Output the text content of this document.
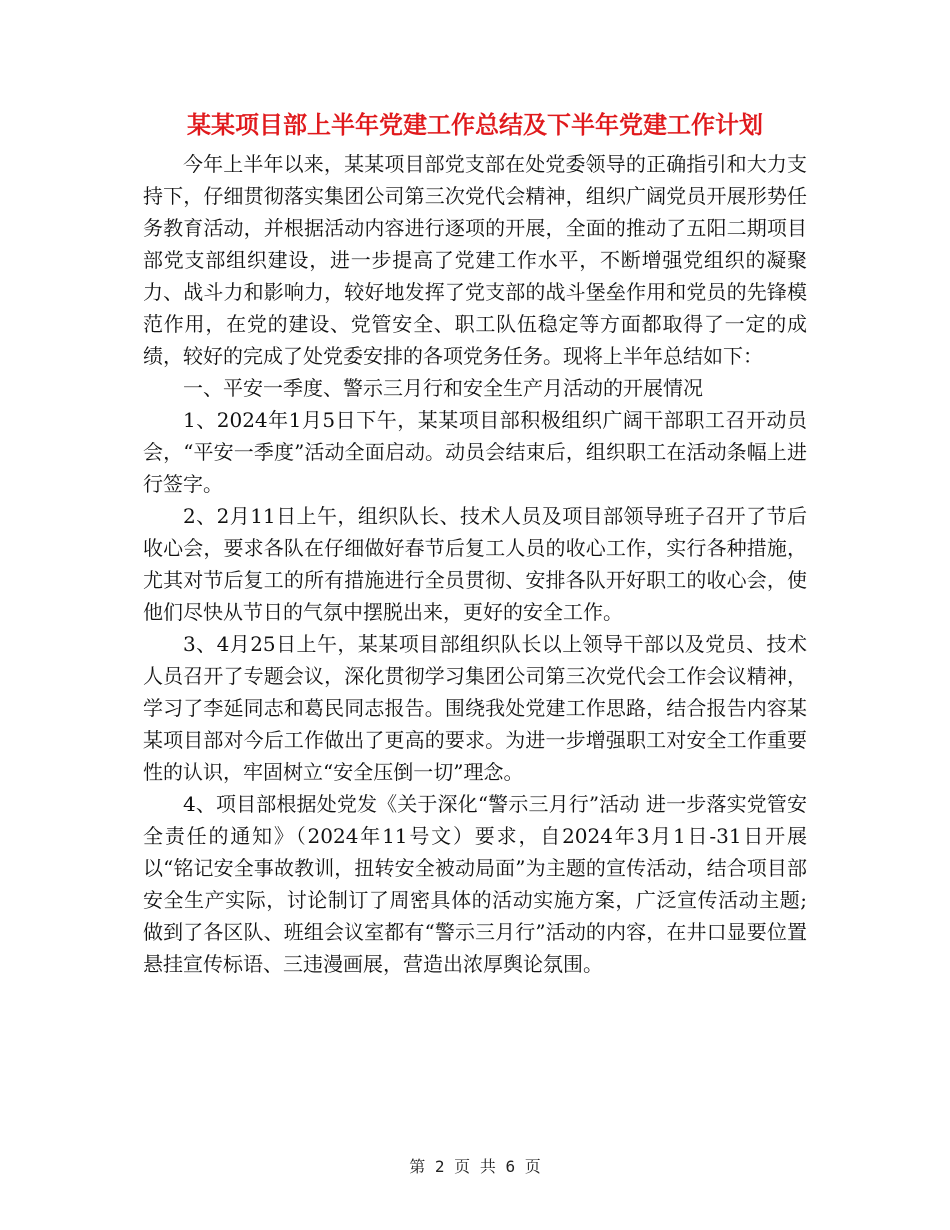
某某项目部上半年党建工作总结及下半年党建工作计划

今年上半年以来，某某项目部党支部在处党委领导的正确指引和大力支持下，仔细贯彻落实集团公司第三次党代会精神，组织广阔党员开展形势任务教育活动，并根据活动内容进行逐项的开展，全面的推动了五阳二期项目部党支部组织建设，进一步提高了党建工作水平，不断增强党组织的凝聚力、战斗力和影响力，较好地发挥了党支部的战斗堡垒作用和党员的先锋模范作用，在党的建设、党管安全、职工队伍稳定等方面都取得了一定的成绩，较好的完成了处党委安排的各项党务任务。现将上半年总结如下：

一、平安一季度、警示三月行和安全生产月活动的开展情况

1、2024年1月5日下午，某某项目部积极组织广阔干部职工召开动员会，“平安一季度”活动全面启动。动员会结束后，组织职工在活动条幅上进行签字。

2、2月11日上午，组织队长、技术人员及项目部领导班子召开了节后收心会，要求各队在仔细做好春节后复工人员的收心工作，实行各种措施，尤其对节后复工的所有措施进行全员贯彻、安排各队开好职工的收心会，使他们尽快从节日的气氛中摆脱出来，更好的安全工作。

3、4月25日上午，某某项目部组织队长以上领导干部以及党员、技术人员召开了专题会议，深化贯彻学习集团公司第三次党代会工作会议精神，学习了李延同志和葛民同志报告。围绕我处党建工作思路，结合报告内容某某项目部对今后工作做出了更高的要求。为进一步增强职工对安全工作重要性的认识，牢固树立“安全压倒一切”理念。

4、项目部根据处党发《关于深化“警示三月行”活动 进一步落实党管安全责任的通知》（2024年11号文）要求，自2024年3月1日-31日开展以“铭记安全事故教训，扭转安全被动局面”为主题的宣传活动，结合项目部安全生产实际，讨论制订了周密具体的活动实施方案，广泛宣传活动主题;做到了各区队、班组会议室都有“警示三月行”活动的内容，在井口显要位置悬挂宣传标语、三违漫画展，营造出浓厚舆论氛围。

第 2 页 共 6 页
